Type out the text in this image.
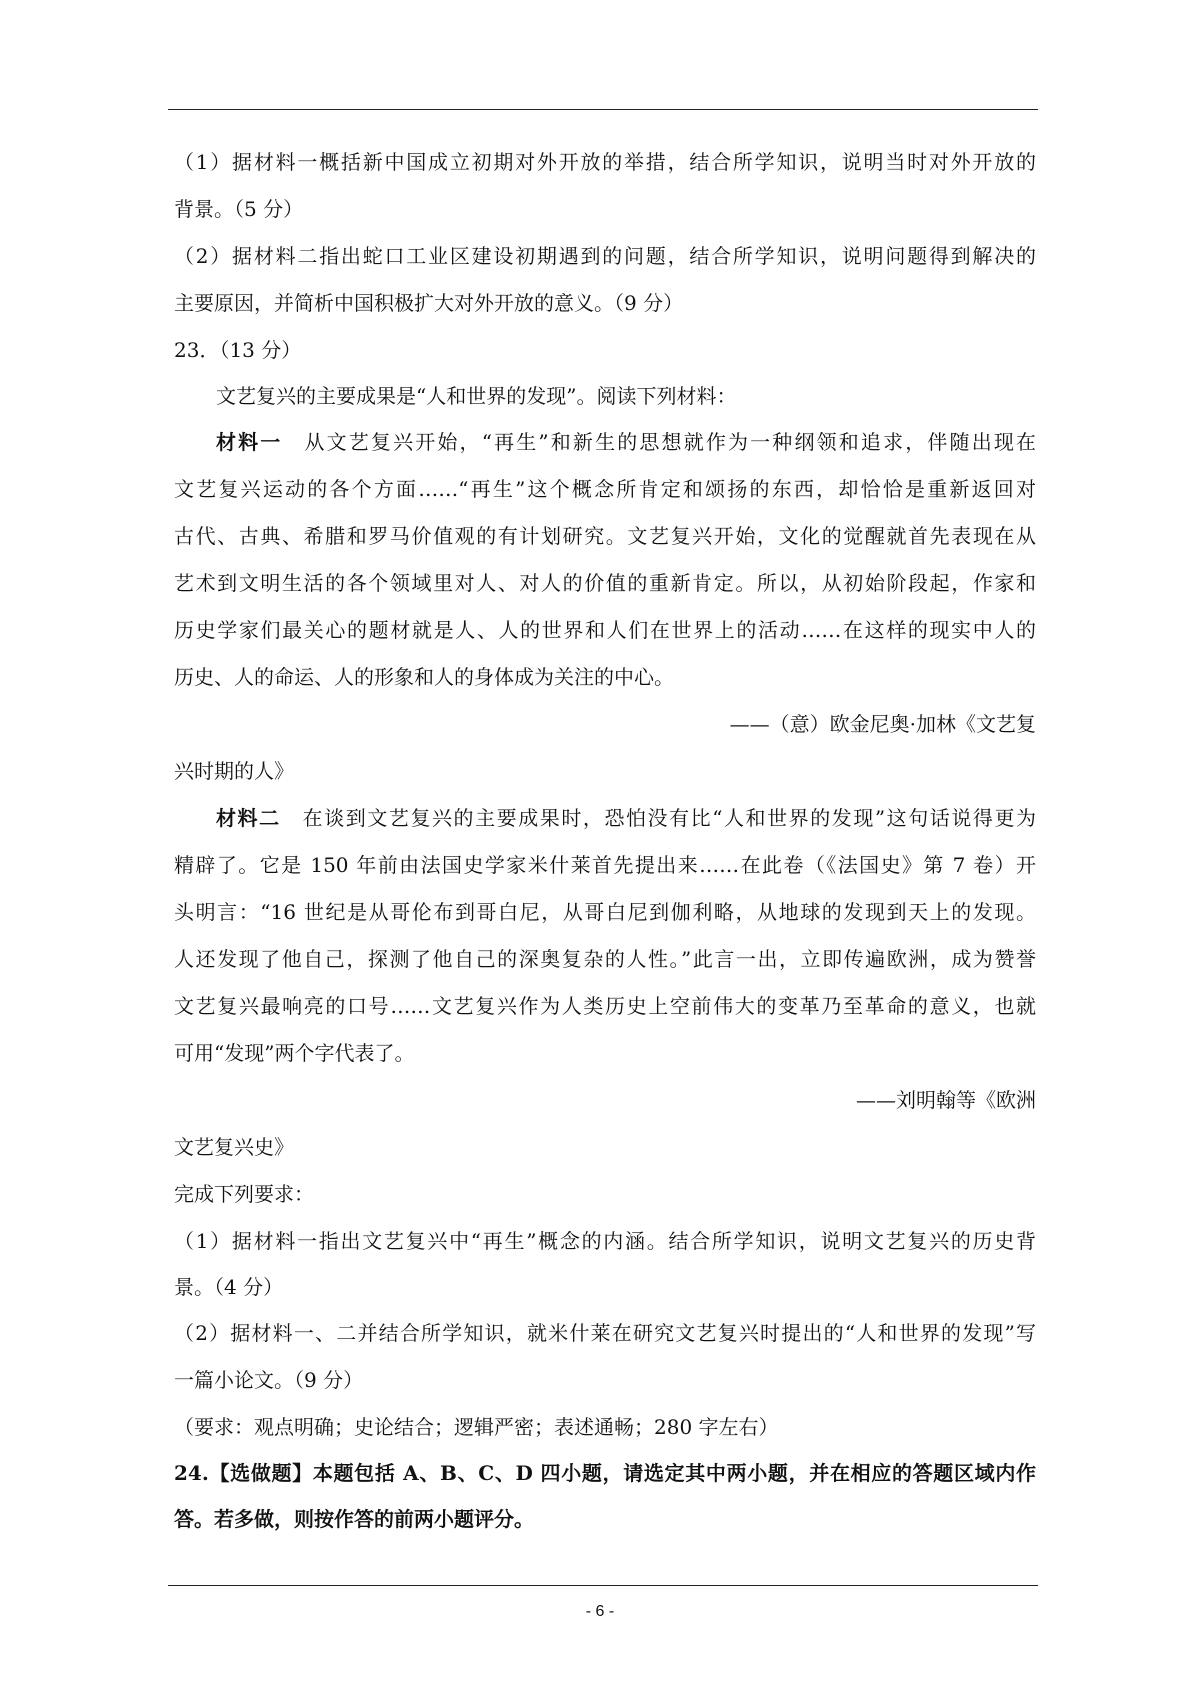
（1）据材料一概括新中国成立初期对外开放的举措，结合所学知识，说明当时对外开放的
背景。（5 分）
（2）据材料二指出蛇口工业区建设初期遇到的问题，结合所学知识，说明问题得到解决的
主要原因，并简析中国积极扩大对外开放的意义。（9 分）
23．（13 分）
文艺复兴的主要成果是“人和世界的发现”。阅读下列材料：
材料一 从文艺复兴开始，“再生”和新生的思想就作为一种纲领和追求，伴随出现在
文艺复兴运动的各个方面……“再生”这个概念所肯定和颂扬的东西，却恰恰是重新返回对
古代、古典、希腊和罗马价值观的有计划研究。文艺复兴开始，文化的觉醒就首先表现在从
艺术到文明生活的各个领域里对人、对人的价值的重新肯定。所以，从初始阶段起，作家和
历史学家们最关心的题材就是人、人的世界和人们在世界上的活动……在这样的现实中人的
历史、人的命运、人的形象和人的身体成为关注的中心。
——（意）欧金尼奥·加林《文艺复
兴时期的人》
材料二 在谈到文艺复兴的主要成果时，恐怕没有比“人和世界的发现”这句话说得更为
精辟了。它是 150 年前由法国史学家米什莱首先提出来……在此卷（《法国史》第 7 卷）开
头明言：“16 世纪是从哥伦布到哥白尼，从哥白尼到伽利略，从地球的发现到天上的发现。
人还发现了他自己，探测了他自己的深奥复杂的人性。”此言一出，立即传遍欧洲，成为赞誉
文艺复兴最响亮的口号……文艺复兴作为人类历史上空前伟大的变革乃至革命的意义，也就
可用“发现”两个字代表了。
——刘明翰等《欧洲
文艺复兴史》
完成下列要求：
（1）据材料一指出文艺复兴中“再生”概念的内涵。结合所学知识，说明文艺复兴的历史背
景。（4 分）
（2）据材料一、二并结合所学知识，就米什莱在研究文艺复兴时提出的“人和世界的发现”写
一篇小论文。（9 分）
（要求：观点明确；史论结合；逻辑严密；表述通畅；280 字左右）
24.【选做题】本题包括 A、B、C、D 四小题，请选定其中两小题，并在相应的答题区域内作
答。若多做，则按作答的前两小题评分。
- 6 -
